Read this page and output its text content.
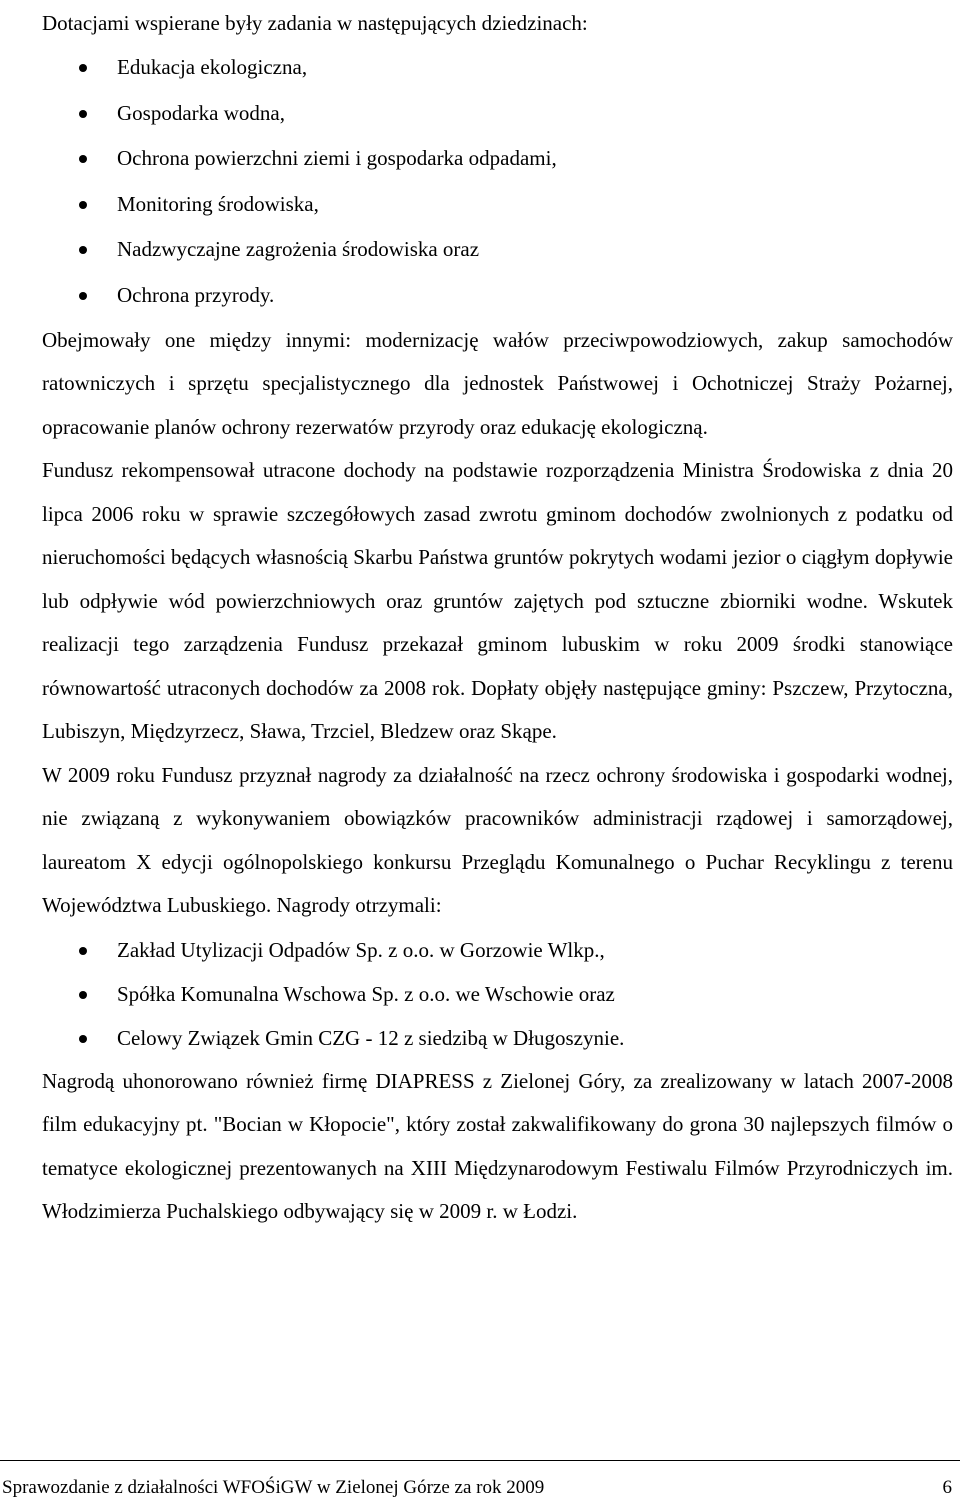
Dotacjami wspierane były zadania w następujących dziedzinach:

Edukacja ekologiczna,
Gospodarka wodna,
Ochrona powierzchni ziemi i gospodarka odpadami,
Monitoring środowiska,
Nadzwyczajne zagrożenia środowiska oraz
Ochrona przyrody.

Obejmowały one między innymi: modernizację wałów przeciwpowodziowych, zakup samochodów ratowniczych i sprzętu specjalistycznego dla jednostek Państwowej i Ochotniczej Straży Pożarnej, opracowanie planów ochrony rezerwatów przyrody oraz edukację ekologiczną.

Fundusz rekompensował utracone dochody na podstawie rozporządzenia Ministra Środowiska z dnia 20 lipca 2006 roku w sprawie szczegółowych zasad zwrotu gminom dochodów zwolnionych z podatku od nieruchomości będących własnością Skarbu Państwa gruntów pokrytych wodami jezior o ciągłym dopływie lub odpływie wód powierzchniowych oraz gruntów zajętych pod sztuczne zbiorniki wodne. Wskutek realizacji tego zarządzenia Fundusz przekazał gminom lubuskim w roku 2009 środki stanowiące równowartość utraconych dochodów za 2008 rok. Dopłaty objęły następujące gminy: Pszczew, Przytoczna, Lubiszyn, Międzyrzecz, Sława, Trzciel, Bledzew oraz Skąpe.

W 2009 roku Fundusz przyznał nagrody za działalność na rzecz ochrony środowiska i gospodarki wodnej, nie związaną z wykonywaniem obowiązków pracowników administracji rządowej i samorządowej, laureatom X edycji ogólnopolskiego konkursu Przeglądu Komunalnego o Puchar Recyklingu z terenu Województwa Lubuskiego. Nagrody otrzymali:

Zakład Utylizacji Odpadów Sp. z o.o. w Gorzowie Wlkp.,
Spółka Komunalna Wschowa Sp. z o.o. we Wschowie oraz
Celowy Związek Gmin CZG - 12 z siedzibą w Długoszynie.

Nagrodą uhonorowano również firmę DIAPRESS z Zielonej Góry, za zrealizowany w latach 2007-2008 film edukacyjny pt. "Bocian w Kłopocie", który został zakwalifikowany do grona 30 najlepszych filmów o tematyce ekologicznej prezentowanych na XIII Międzynarodowym Festiwalu Filmów Przyrodniczych im. Włodzimierza Puchalskiego odbywający się w 2009 r. w Łodzi.

Sprawozdanie z działalności WFOŚiGW w Zielonej Górze za rok 2009	6
